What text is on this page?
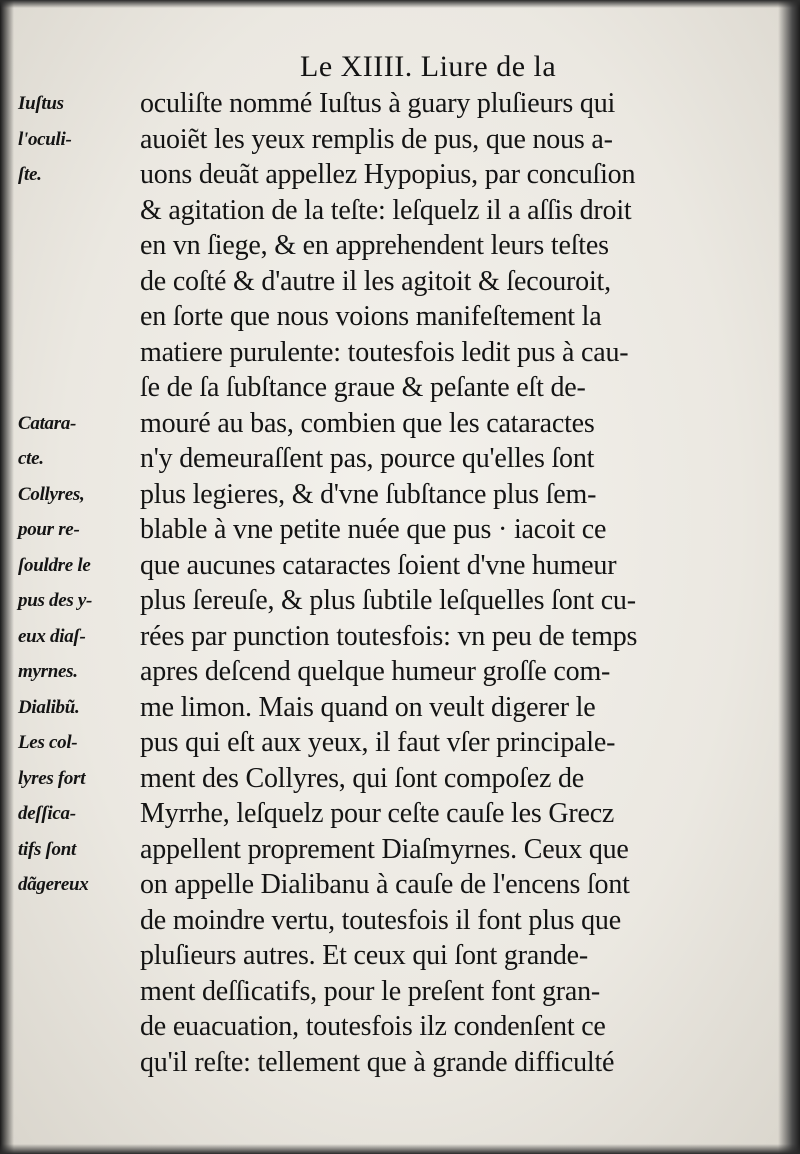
Le XIIII. Liure de la
Iuſtus
l'oculi-
ſte.
Catara-
cte.
Collyres,
pour re-
ſouldre le
pus des y-
eux diaſ-
myrnes.
Dialibũ.
Les col-
lyres fort
deſſica-
tifs ſont
dãgereux
oculiſte nommé Iuſtus à guary pluſieurs qui
auoiẽt les yeux remplis de pus, que nous a-
uons deuãt appellez Hypopius, par concuſion
& agitation de la teſte: leſquelz il a aſſis droit
en vn ſiege, & en apprehendent leurs teſtes
de coſté & d'autre il les agitoit & ſecouroit,
en ſorte que nous voions manifeſtement la
matiere purulente: toutesfois ledit pus à cau-
ſe de ſa ſubſtance graue & peſante eſt de-
mouré au bas, combien que les cataractes
n'y demeuraſſent pas, pource qu'elles ſont
plus legieres, & d'vne ſubſtance plus ſem-
blable à vne petite nuée que pus · iacoit ce
que aucunes cataractes ſoient d'vne humeur
plus ſereuſe, & plus ſubtile leſquelles ſont cu-
rées par punction toutesfois: vn peu de temps
apres deſcend quelque humeur groſſe com-
me limon. Mais quand on veult digerer le
pus qui eſt aux yeux, il faut vſer principale-
ment des Collyres, qui ſont compoſez de
Myrrhe, leſquelz pour ceſte cauſe les Grecz
appellent proprement Diaſmyrnes. Ceux que
on appelle Dialibanu à cauſe de l'encens ſont
de moindre vertu, toutesfois il font plus que
pluſieurs autres. Et ceux qui ſont grande-
ment deſſicatifs, pour le preſent font gran-
de euacuation, toutesfois ilz condenſent ce
qu'il reſte: tellement que à grande difficulté
